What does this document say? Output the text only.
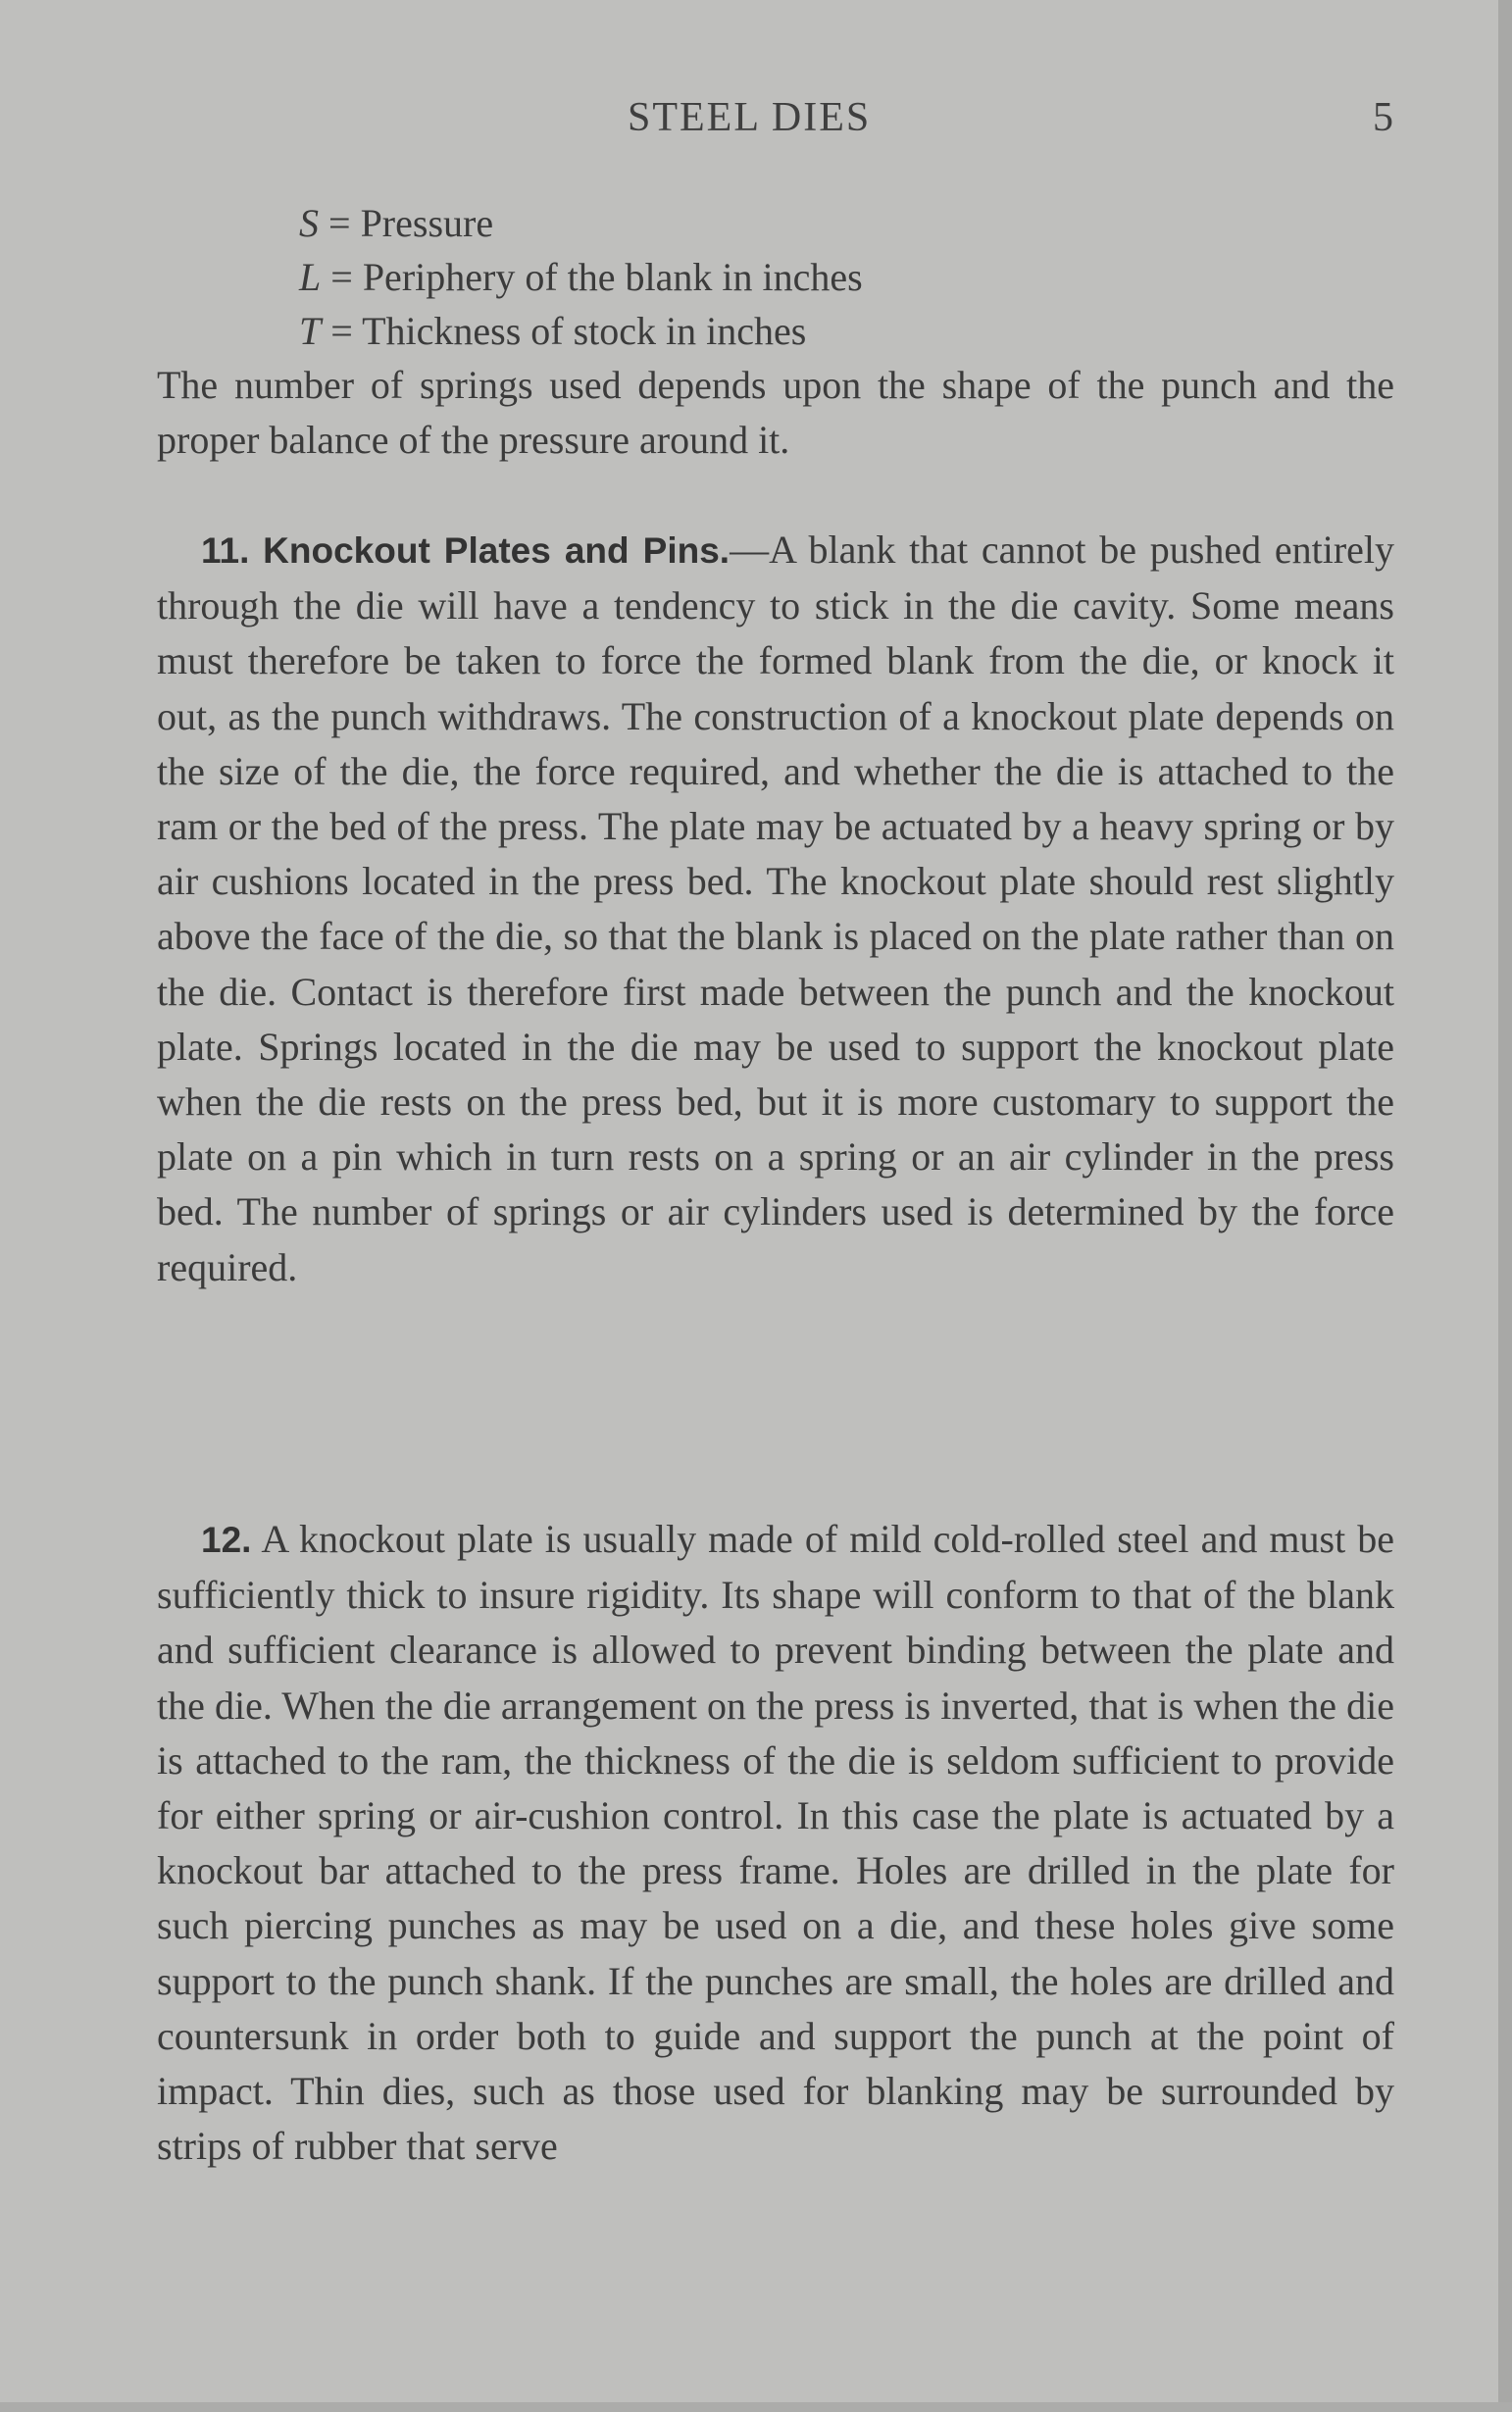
STEEL DIES	5
S = Pressure
L = Periphery of the blank in inches
T = Thickness of stock in inches
The number of springs used depends upon the shape of the punch and the proper balance of the pressure around it.
11. Knockout Plates and Pins.—A blank that cannot be pushed entirely through the die will have a tendency to stick in the die cavity. Some means must therefore be taken to force the formed blank from the die, or knock it out, as the punch withdraws. The construction of a knockout plate depends on the size of the die, the force required, and whether the die is attached to the ram or the bed of the press. The plate may be actuated by a heavy spring or by air cushions located in the press bed. The knockout plate should rest slightly above the face of the die, so that the blank is placed on the plate rather than on the die. Contact is therefore first made between the punch and the knockout plate. Springs located in the die may be used to support the knockout plate when the die rests on the press bed, but it is more customary to support the plate on a pin which in turn rests on a spring or an air cylinder in the press bed. The number of springs or air cylinders used is determined by the force required.
12. A knockout plate is usually made of mild cold-rolled steel and must be sufficiently thick to insure rigidity. Its shape will conform to that of the blank and sufficient clearance is allowed to prevent binding between the plate and the die. When the die arrangement on the press is inverted, that is when the die is attached to the ram, the thickness of the die is seldom sufficient to provide for either spring or air-cushion control. In this case the plate is actuated by a knockout bar attached to the press frame. Holes are drilled in the plate for such piercing punches as may be used on a die, and these holes give some support to the punch shank. If the punches are small, the holes are drilled and countersunk in order both to guide and support the punch at the point of impact. Thin dies, such as those used for blanking may be surrounded by strips of rubber that serve
